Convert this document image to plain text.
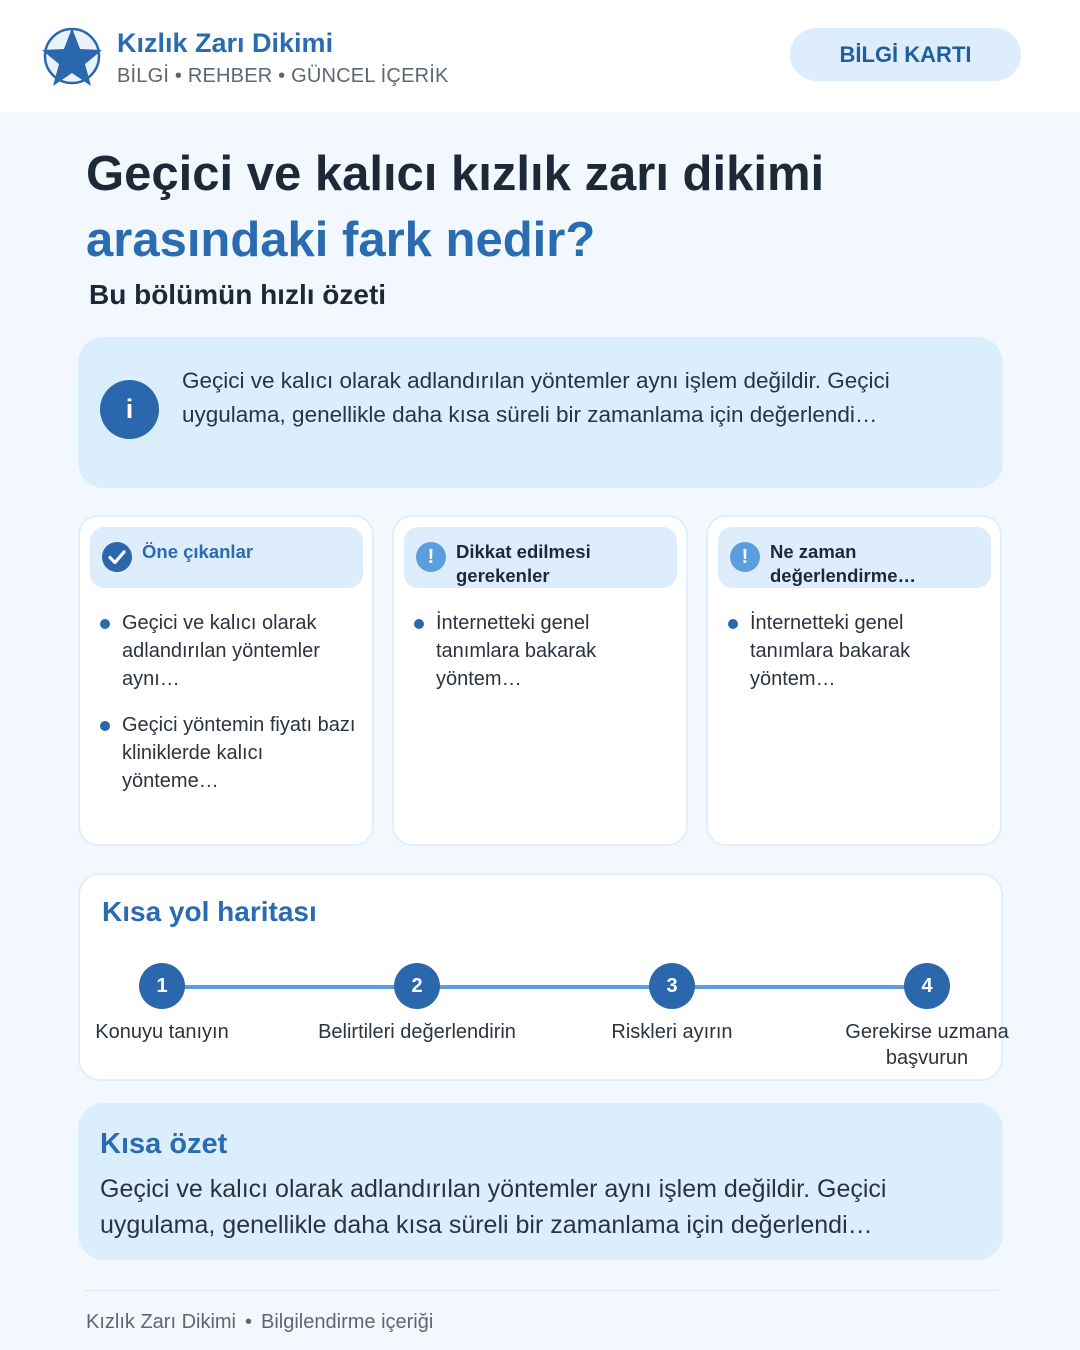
Kızlık Zarı Dikimi
BİLGİ • REHBER • GÜNCEL İÇERİK
BİLGİ KARTI
Geçici ve kalıcı kızlık zarı dikimi
arasındaki fark nedir?
Bu bölümün hızlı özeti
i
Geçici ve kalıcı olarak adlandırılan yöntemler aynı işlem değildir. Geçici uygulama, genellikle daha kısa süreli bir zamanlama için değerlendi…
Öne çıkanlar
Geçici ve kalıcı olarak adlandırılan yöntemler aynı…
Geçici yöntemin fiyatı bazı kliniklerde kalıcı yönteme…
!	Dikkat edilmesi gerekenler
İnternetteki genel tanımlara bakarak yöntem…
!	Ne zaman değerlendirme…
İnternetteki genel tanımlara bakarak yöntem…
Kısa yol haritası
1
Konuyu tanıyın
2
Belirtileri değerlendirin
3
Riskleri ayırın
4
Gerekirse uzmana başvurun
Kısa özet
Geçici ve kalıcı olarak adlandırılan yöntemler aynı işlem değildir. Geçici uygulama, genellikle daha kısa süreli bir zamanlama için değerlendi…
Kızlık Zarı Dikimi • Bilgilendirme içeriği
